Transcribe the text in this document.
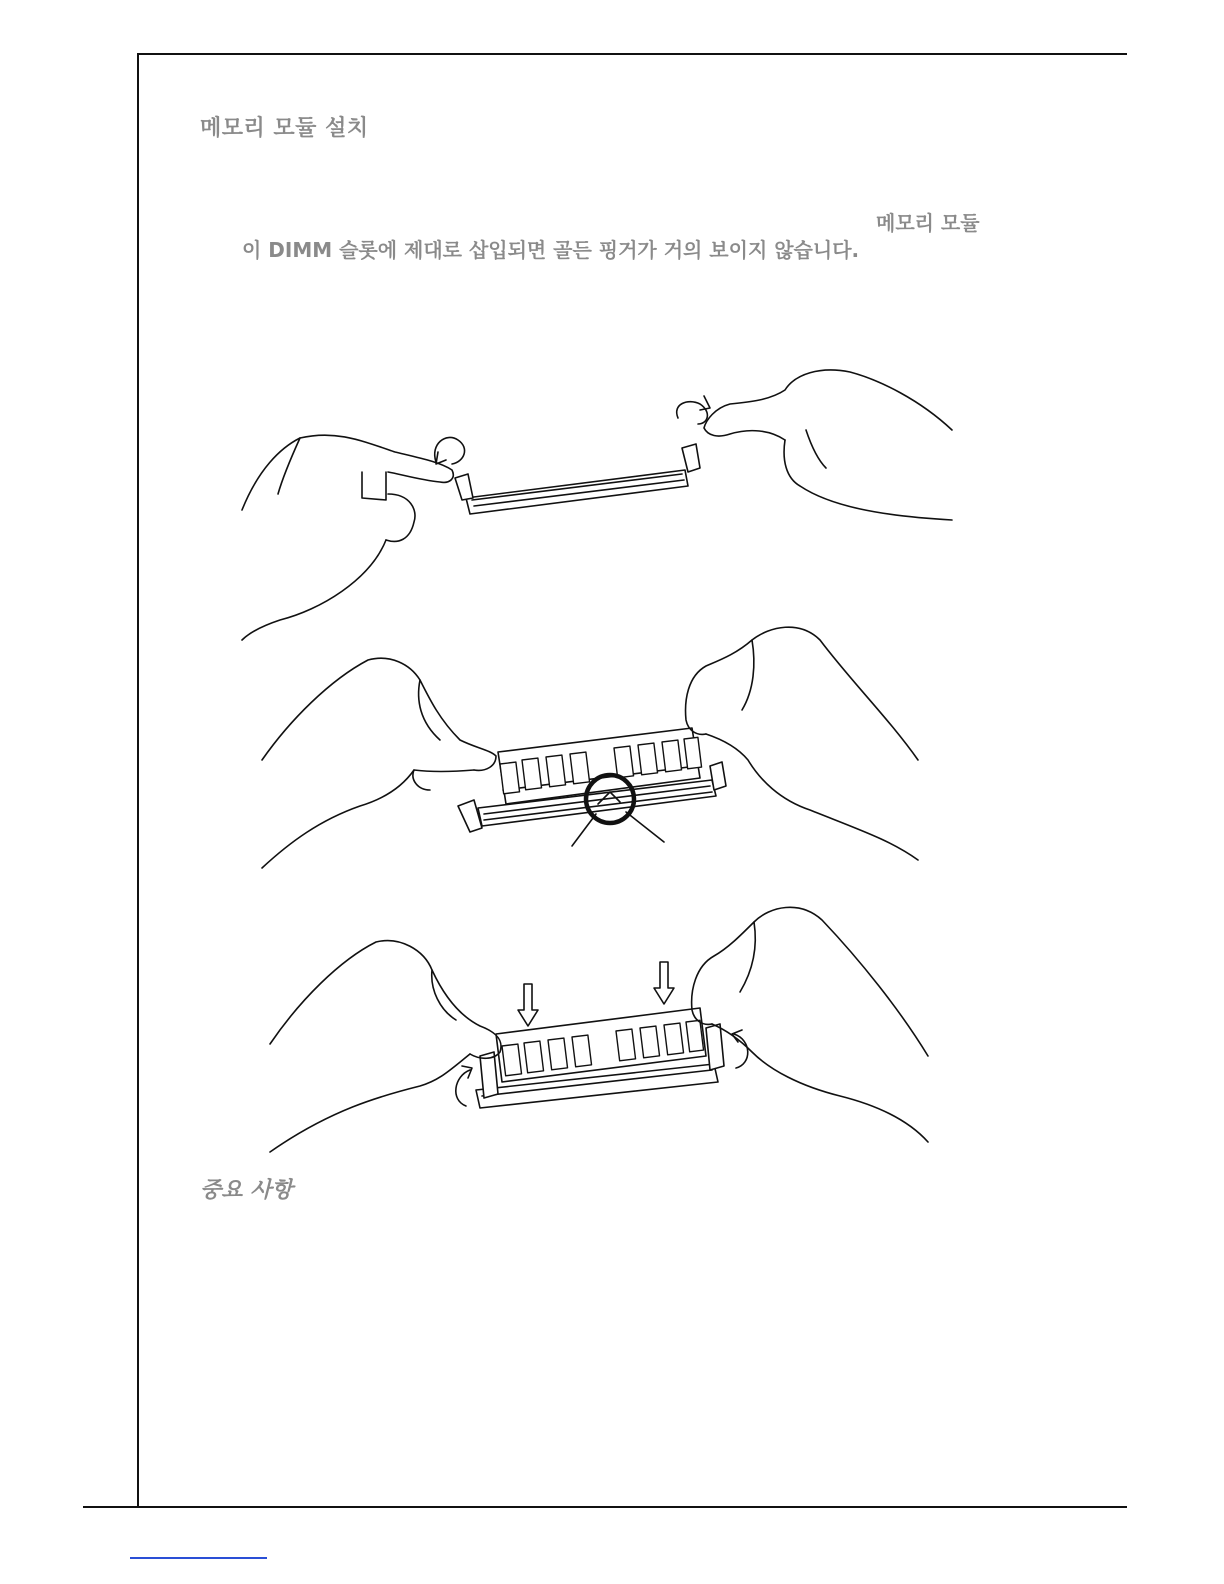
메모리 모듈 설치
메모리 모듈
이 DIMM 슬롯에 제대로 삽입되면 골든 핑거가 거의 보이지 않습니다.
중요 사항
